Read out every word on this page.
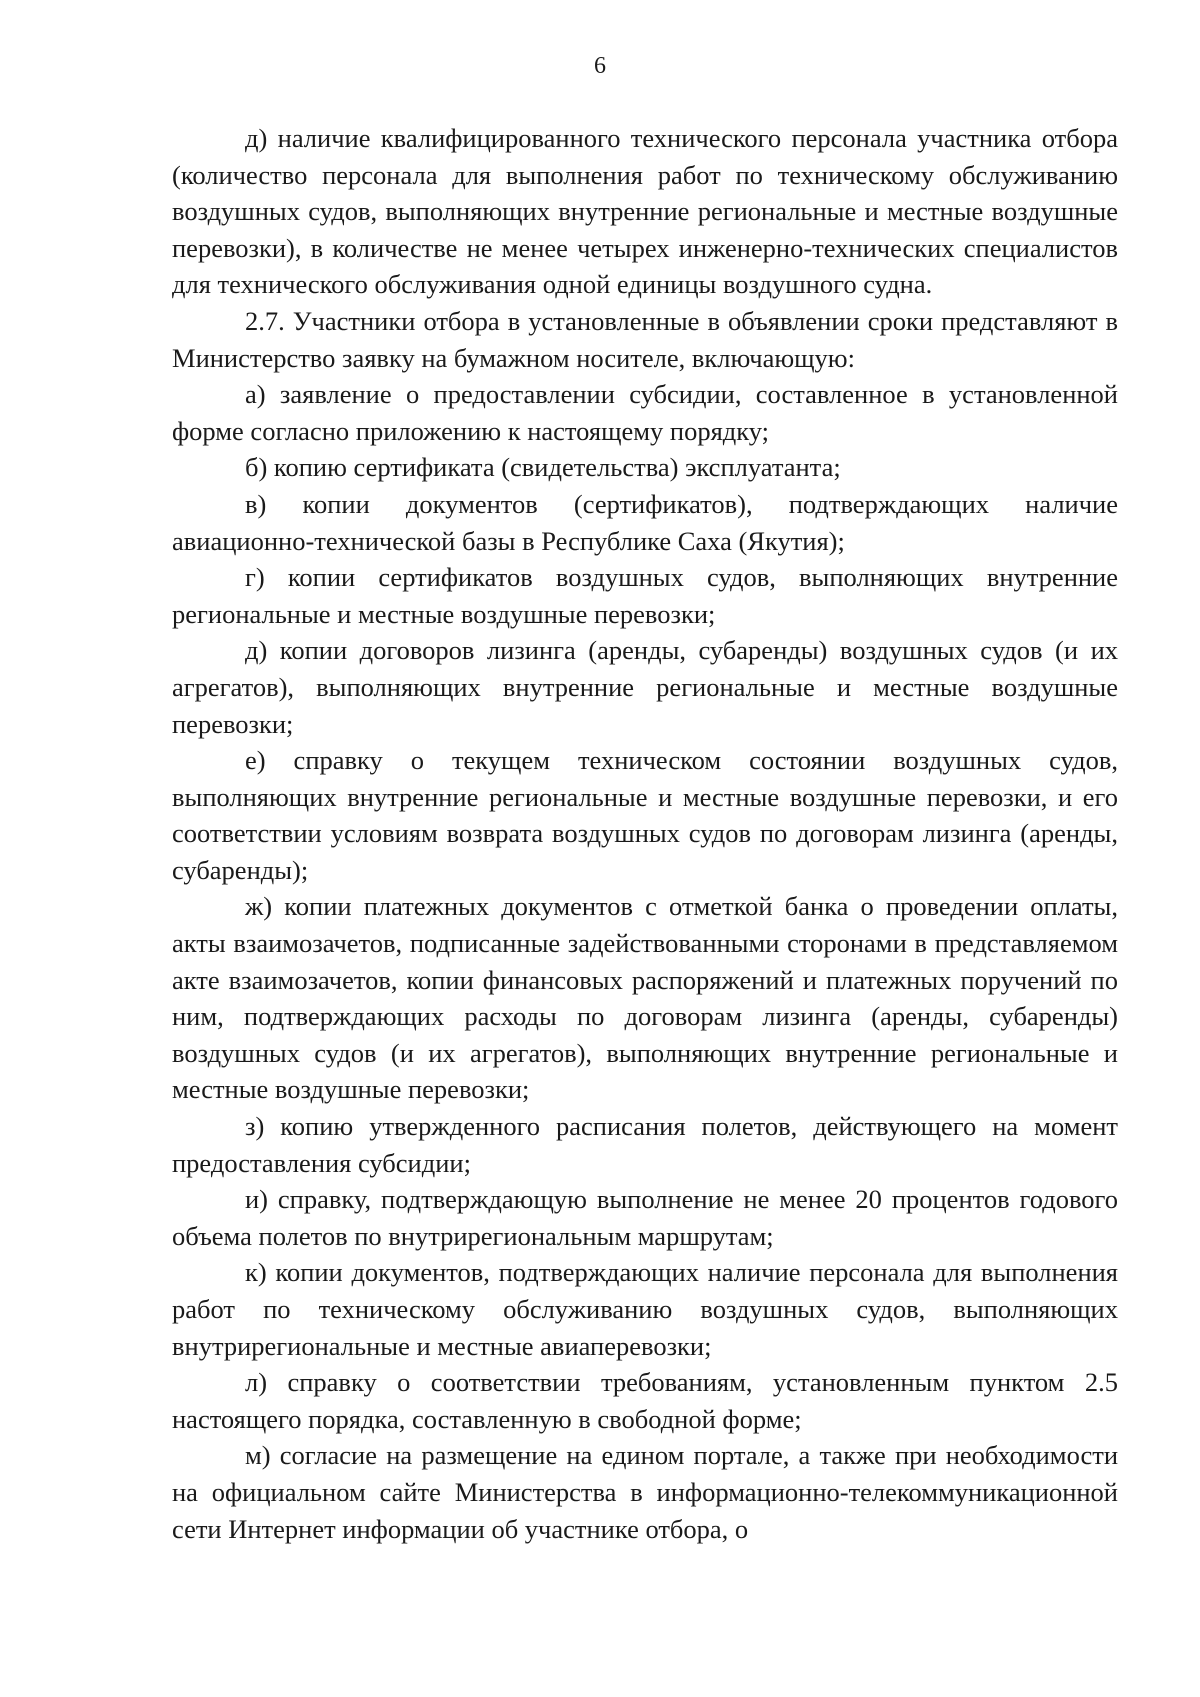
6

д) наличие квалифицированного технического персонала участника отбора (количество персонала для выполнения работ по техническому обслуживанию воздушных судов, выполняющих внутренние региональные и местные воздушные перевозки), в количестве не менее четырех инженерно-технических специалистов для технического обслуживания одной единицы воздушного судна.

2.7. Участники отбора в установленные в объявлении сроки представляют в Министерство заявку на бумажном носителе, включающую:

а) заявление о предоставлении субсидии, составленное в установленной форме согласно приложению к настоящему порядку;

б) копию сертификата (свидетельства) эксплуатанта;

в) копии документов (сертификатов), подтверждающих наличие авиационно-технической базы в Республике Саха (Якутия);

г) копии сертификатов воздушных судов, выполняющих внутренние региональные и местные воздушные перевозки;

д) копии договоров лизинга (аренды, субаренды) воздушных судов (и их агрегатов), выполняющих внутренние региональные и местные воздушные перевозки;

е) справку о текущем техническом состоянии воздушных судов, выполняющих внутренние региональные и местные воздушные перевозки, и его соответствии условиям возврата воздушных судов по договорам лизинга (аренды, субаренды);

ж) копии платежных документов с отметкой банка о проведении оплаты, акты взаимозачетов, подписанные задействованными сторонами в представляемом акте взаимозачетов, копии финансовых распоряжений и платежных поручений по ним, подтверждающих расходы по договорам лизинга (аренды, субаренды) воздушных судов (и их агрегатов), выполняющих внутренние региональные и местные воздушные перевозки;

з) копию утвержденного расписания полетов, действующего на момент предоставления субсидии;

и) справку, подтверждающую выполнение не менее 20 процентов годового объема полетов по внутрирегиональным маршрутам;

к) копии документов, подтверждающих наличие персонала для выполнения работ по техническому обслуживанию воздушных судов, выполняющих внутрирегиональные и местные авиаперевозки;

л) справку о соответствии требованиям, установленным пунктом 2.5 настоящего порядка, составленную в свободной форме;

м) согласие на размещение на едином портале, а также при необходимости на официальном сайте Министерства в информационно-телекоммуникационной сети Интернет информации об участнике отбора, о
